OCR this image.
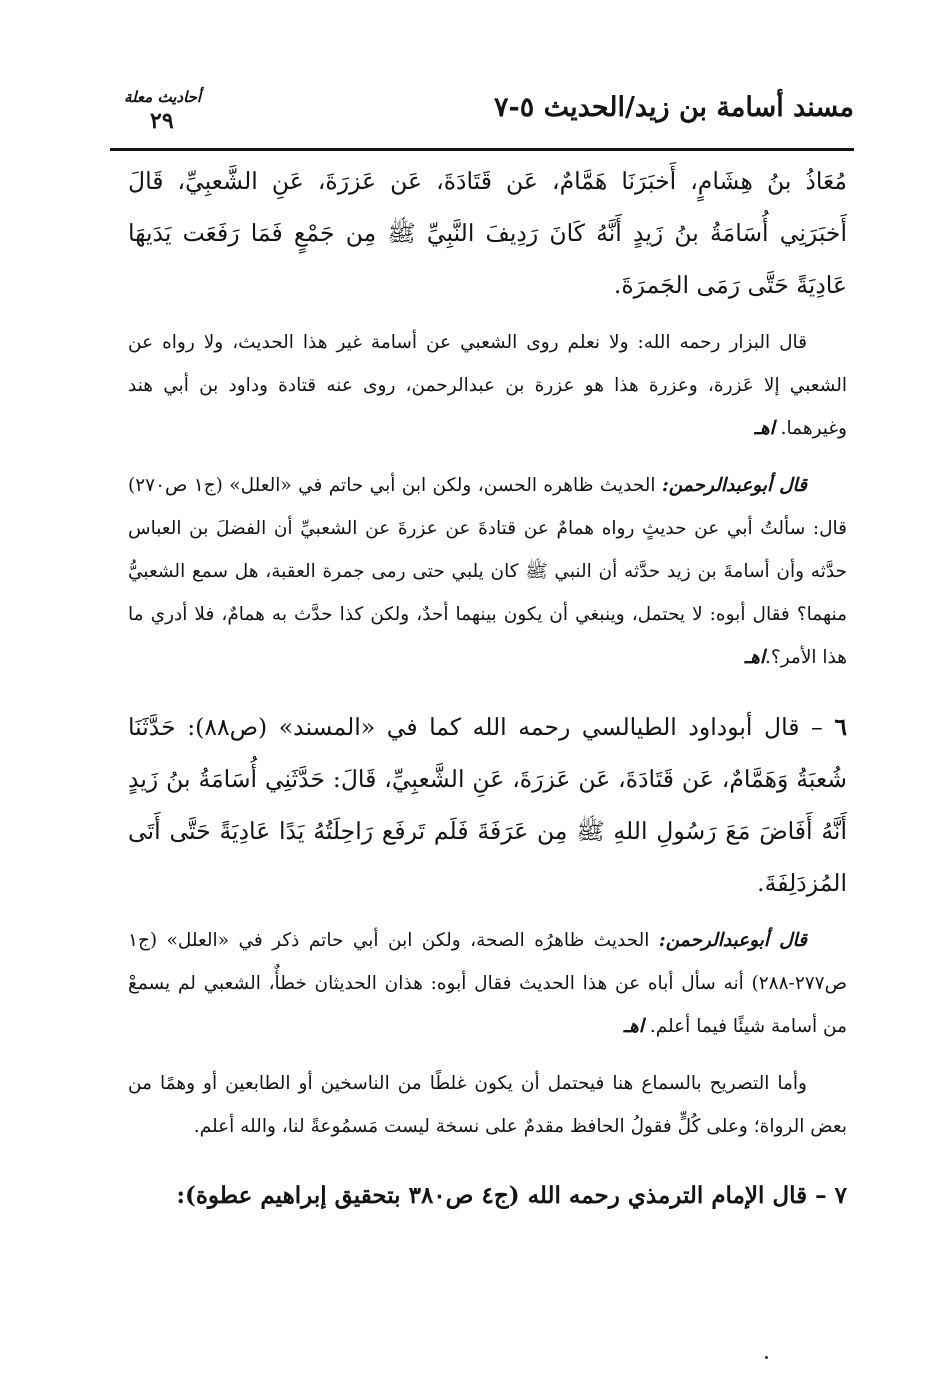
مسند أسامة بن زيد/الحديث ٥-٧
أحاديث معلة
٢٩

مُعَاذُ بنُ هِشَامٍ، أَخبَرَنَا هَمَّامٌ، عَن قَتَادَةَ، عَن عَزرَةَ، عَنِ الشَّعبِيِّ، قَالَ أَخبَرَنِي أُسَامَةُ بنُ زَيدٍ أَنَّهُ كَانَ رَدِيفَ النَّبِيِّ ﷺ مِن جَمْعٍ فَمَا رَفَعَت يَدَيهَا عَادِيَةً حَتَّى رَمَى الجَمرَةَ.

قال البزار رحمه الله: ولا نعلم روى الشعبي عن أسامة غير هذا الحديث، ولا رواه عن الشعبي إلا عَزرة، وعزرة هذا هو عزرة بن عبدالرحمن، روى عنه قتادة وداود بن أبي هند وغيرهما. اهـ

قال أبوعبدالرحمن: الحديث ظاهره الحسن، ولكن ابن أبي حاتم في «العلل» (ج١ ص٢٧٠) قال: سألتُ أبي عن حديثٍ رواه همامٌ عن قتادةَ عن عزرةَ عن الشعبيِّ أن الفضلَ بن العباس حدَّثه وأن أسامةَ بن زيد حدَّثه أن النبي ﷺ كان يلبي حتى رمى جمرة العقبة، هل سمع الشعبيُّ منهما؟ فقال أبوه: لا يحتمل، وينبغي أن يكون بينهما أحدٌ، ولكن كذا حدَّث به همامٌ، فلا أدري ما هذا الأمر؟.اهـ

٦ – قال أبوداود الطيالسي رحمه الله كما في «المسند» (ص٨٨): حَدَّثَنَا شُعبَةُ وَهَمَّامٌ، عَن قَتَادَةَ، عَن عَزرَةَ، عَنِ الشَّعبِيِّ، قَالَ: حَدَّثَنِي أُسَامَةُ بنُ زَيدٍ أَنَّهُ أَفَاضَ مَعَ رَسُولِ اللهِ ﷺ مِن عَرَفَةَ فَلَم تَرفَع رَاحِلَتُهُ يَدًا عَادِيَةً حَتَّى أَتَى المُزدَلِفَةَ.

قال أبوعبدالرحمن: الحديث ظاهرُه الصحة، ولكن ابن أبي حاتم ذكر في «العلل» (ج١ ص٢٧٧-٢٨٨) أنه سأل أباه عن هذا الحديث فقال أبوه: هذان الحديثان خطأٌ، الشعبي لم يسمعْ من أسامة شيئًا فيما أعلم. اهـ

وأما التصريح بالسماع هنا فيحتمل أن يكون غلطًا من الناسخين أو الطابعين أو وهمًا من بعض الرواة؛ وعلى كُلٍّ فقولُ الحافظ مقدمٌ على نسخة ليست مَسمُوعةً لنا، والله أعلم.

٧ – قال الإمام الترمذي رحمه الله (ج٤ ص٣٨٠ بتحقيق إبراهيم عطوة):
